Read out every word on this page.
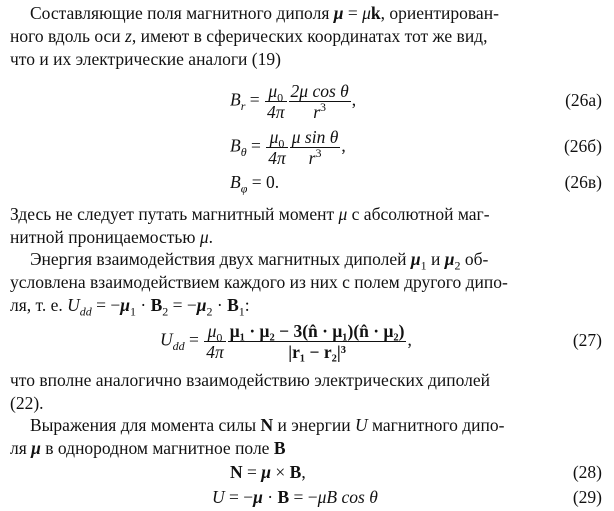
Составляющие поля магнитного диполя μ = μk, ориентирован-
ного вдоль оси z, имеют в сферических координатах тот же вид,
что и их электрические аналоги (19)
$B_r = \frac{\mu_0}{4\pi} \frac{\text{2μ cos θ}}{r^3}$ ,	(26а)
$B_\theta = \frac{\mu_0}{4\pi} \frac{\text{μ sin θ}}{r^3}$ ,	(26б)
$B_\varphi = 0$.	(26в)
Здесь не следует путать магнитный момент μ с абсолютной маг-
нитной проницаемостью μ.
Энергия взаимодействия двух магнитных диполей $\mu_1$ и $\mu_2$ об-
условлена взаимодействием каждого из них с полем другого дипо-
ля, т. е. $U_{dd} = -\mu_1 \cdot B_2 = -\mu_2 \cdot B_1$:
$U_{dd} = \frac{\mu_0}{4\pi} \frac{\text{μ₁ · μ₂ − 3(n̂ · μ₁)(n̂ · μ₂)}}{\text{|r₁ − r₂|³}}$ ,	(27)
что вполне аналогично взаимодействию электрических диполей
(22).
Выражения для момента силы N и энергии U магнитного дипо-
ля μ в однородном магнитное поле B
N = μ × B,	(28)
U = −μ · B = −μB cos θ	(29)
